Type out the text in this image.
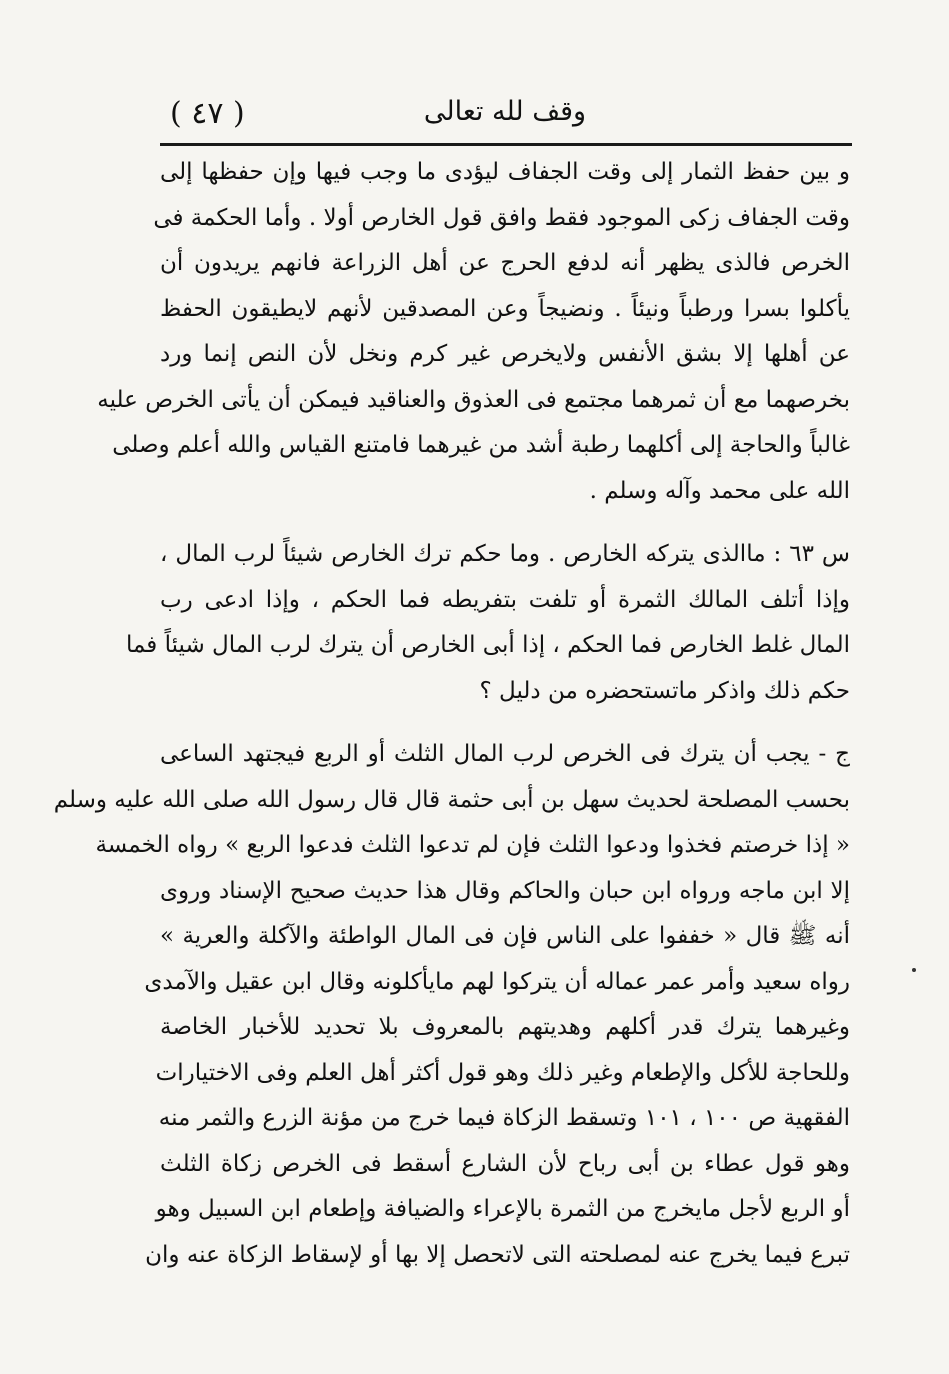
( ٤٧ )	وقف لله تعالى

و بين حفظ الثمار إلى وقت الجفاف ليؤدى ما وجب فيها وإن حفظها إلى

وقت الجفاف زكى الموجود فقط وافق قول الخارص أولا . وأما الحكمة فى

الخرص فالذى يظهر أنه لدفع الحرج عن أهل الزراعة فانهم يريدون أن

يأكلوا بسرا ورطباً ونيئاً . ونضيجاً وعن المصدقين لأنهم لايطيقون الحفظ

عن أهلها إلا بشق الأنفس ولايخرص غير كرم ونخل لأن النص إنما ورد

بخرصهما مع أن ثمرهما مجتمع فى العذوق والعناقيد فيمكن أن يأتى الخرص عليه

غالباً والحاجة إلى أكلهما رطبة أشد من غيرهما فامتنع القياس والله أعلم وصلى

الله على محمد وآله وسلم .

س ٦٣ : ماالذى يتركه الخارص . وما حكم ترك الخارص شيئاً لرب المال ،

وإذا أتلف المالك الثمرة أو تلفت بتفريطه فما الحكم ، وإذا ادعى رب

المال غلط الخارص فما الحكم ، إذا أبى الخارص أن يترك لرب المال شيئاً فما

حكم ذلك واذكر ماتستحضره من دليل ؟

ج - يجب أن يترك فى الخرص لرب المال الثلث أو الربع فيجتهد الساعى

بحسب المصلحة لحديث سهل بن أبى حثمة قال قال رسول الله صلى الله عليه وسلم

« إذا خرصتم فخذوا ودعوا الثلث فإن لم تدعوا الثلث فدعوا الربع » رواه الخمسة

إلا ابن ماجه ورواه ابن حبان والحاكم وقال هذا حديث صحيح الإسناد وروى

أنه ﷺ قال « خففوا على الناس فإن فى المال الواطئة والآكلة والعرية »

رواه سعيد وأمر عمر عماله أن يتركوا لهم مايأكلونه وقال ابن عقيل والآمدى

وغيرهما يترك قدر أكلهم وهديتهم بالمعروف بلا تحديد للأخبار الخاصة

وللحاجة للأكل والإطعام وغير ذلك وهو قول أكثر أهل العلم وفى الاختيارات

الفقهية ص ١٠٠ ، ١٠١ وتسقط الزكاة فيما خرج من مؤنة الزرع والثمر منه

وهو قول عطاء بن أبى رباح لأن الشارع أسقط فى الخرص زكاة الثلث

أو الربع لأجل مايخرج من الثمرة بالإعراء والضيافة وإطعام ابن السبيل وهو

تبرع فيما يخرج عنه لمصلحته التى لاتحصل إلا بها أو لإسقاط الزكاة عنه وان
